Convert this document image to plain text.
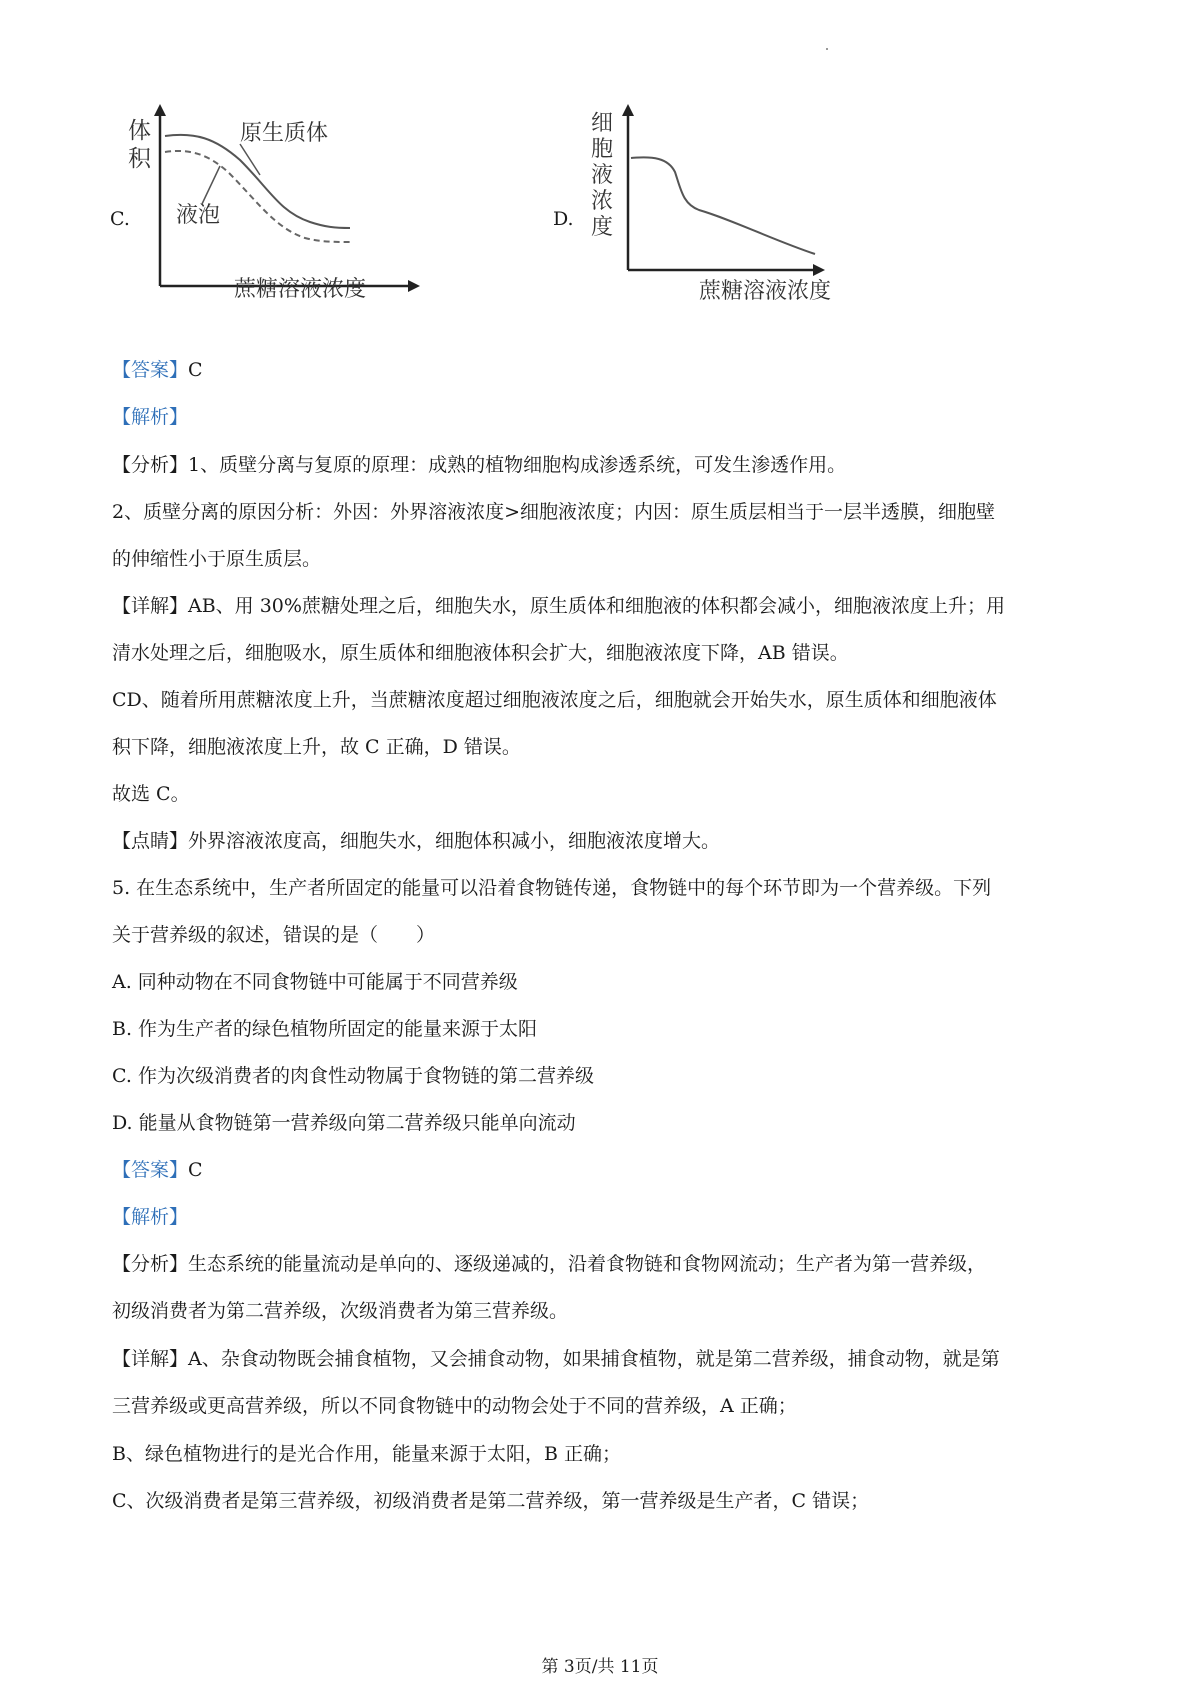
C.
体
积
原生质体
液泡
蔗糖溶液浓度
D.
细
胞
液
浓
度
蔗糖溶液浓度
【答案】C
【解析】
【分析】1、质壁分离与复原的原理：成熟的植物细胞构成渗透系统，可发生渗透作用。
2、质壁分离的原因分析：外因：外界溶液浓度>细胞液浓度；内因：原生质层相当于一层半透膜，细胞壁
的伸缩性小于原生质层。
【详解】AB、用 30%蔗糖处理之后，细胞失水，原生质体和细胞液的体积都会减小，细胞液浓度上升；用
清水处理之后，细胞吸水，原生质体和细胞液体积会扩大，细胞液浓度下降，AB 错误。
CD、随着所用蔗糖浓度上升，当蔗糖浓度超过细胞液浓度之后，细胞就会开始失水，原生质体和细胞液体
积下降，细胞液浓度上升，故 C 正确，D 错误。
故选 C。
【点睛】外界溶液浓度高，细胞失水，细胞体积减小，细胞液浓度增大。
5. 在生态系统中，生产者所固定的能量可以沿着食物链传递，食物链中的每个环节即为一个营养级。下列
关于营养级的叙述，错误的是（　　）
A. 同种动物在不同食物链中可能属于不同营养级
B. 作为生产者的绿色植物所固定的能量来源于太阳
C. 作为次级消费者的肉食性动物属于食物链的第二营养级
D. 能量从食物链第一营养级向第二营养级只能单向流动
【答案】C
【解析】
【分析】生态系统的能量流动是单向的、逐级递减的，沿着食物链和食物网流动；生产者为第一营养级，
初级消费者为第二营养级，次级消费者为第三营养级。
【详解】A、杂食动物既会捕食植物，又会捕食动物，如果捕食植物，就是第二营养级，捕食动物，就是第
三营养级或更高营养级，所以不同食物链中的动物会处于不同的营养级，A 正确；
B、绿色植物进行的是光合作用，能量来源于太阳，B 正确；
C、次级消费者是第三营养级，初级消费者是第二营养级，第一营养级是生产者，C 错误；
第 3页/共 11页
